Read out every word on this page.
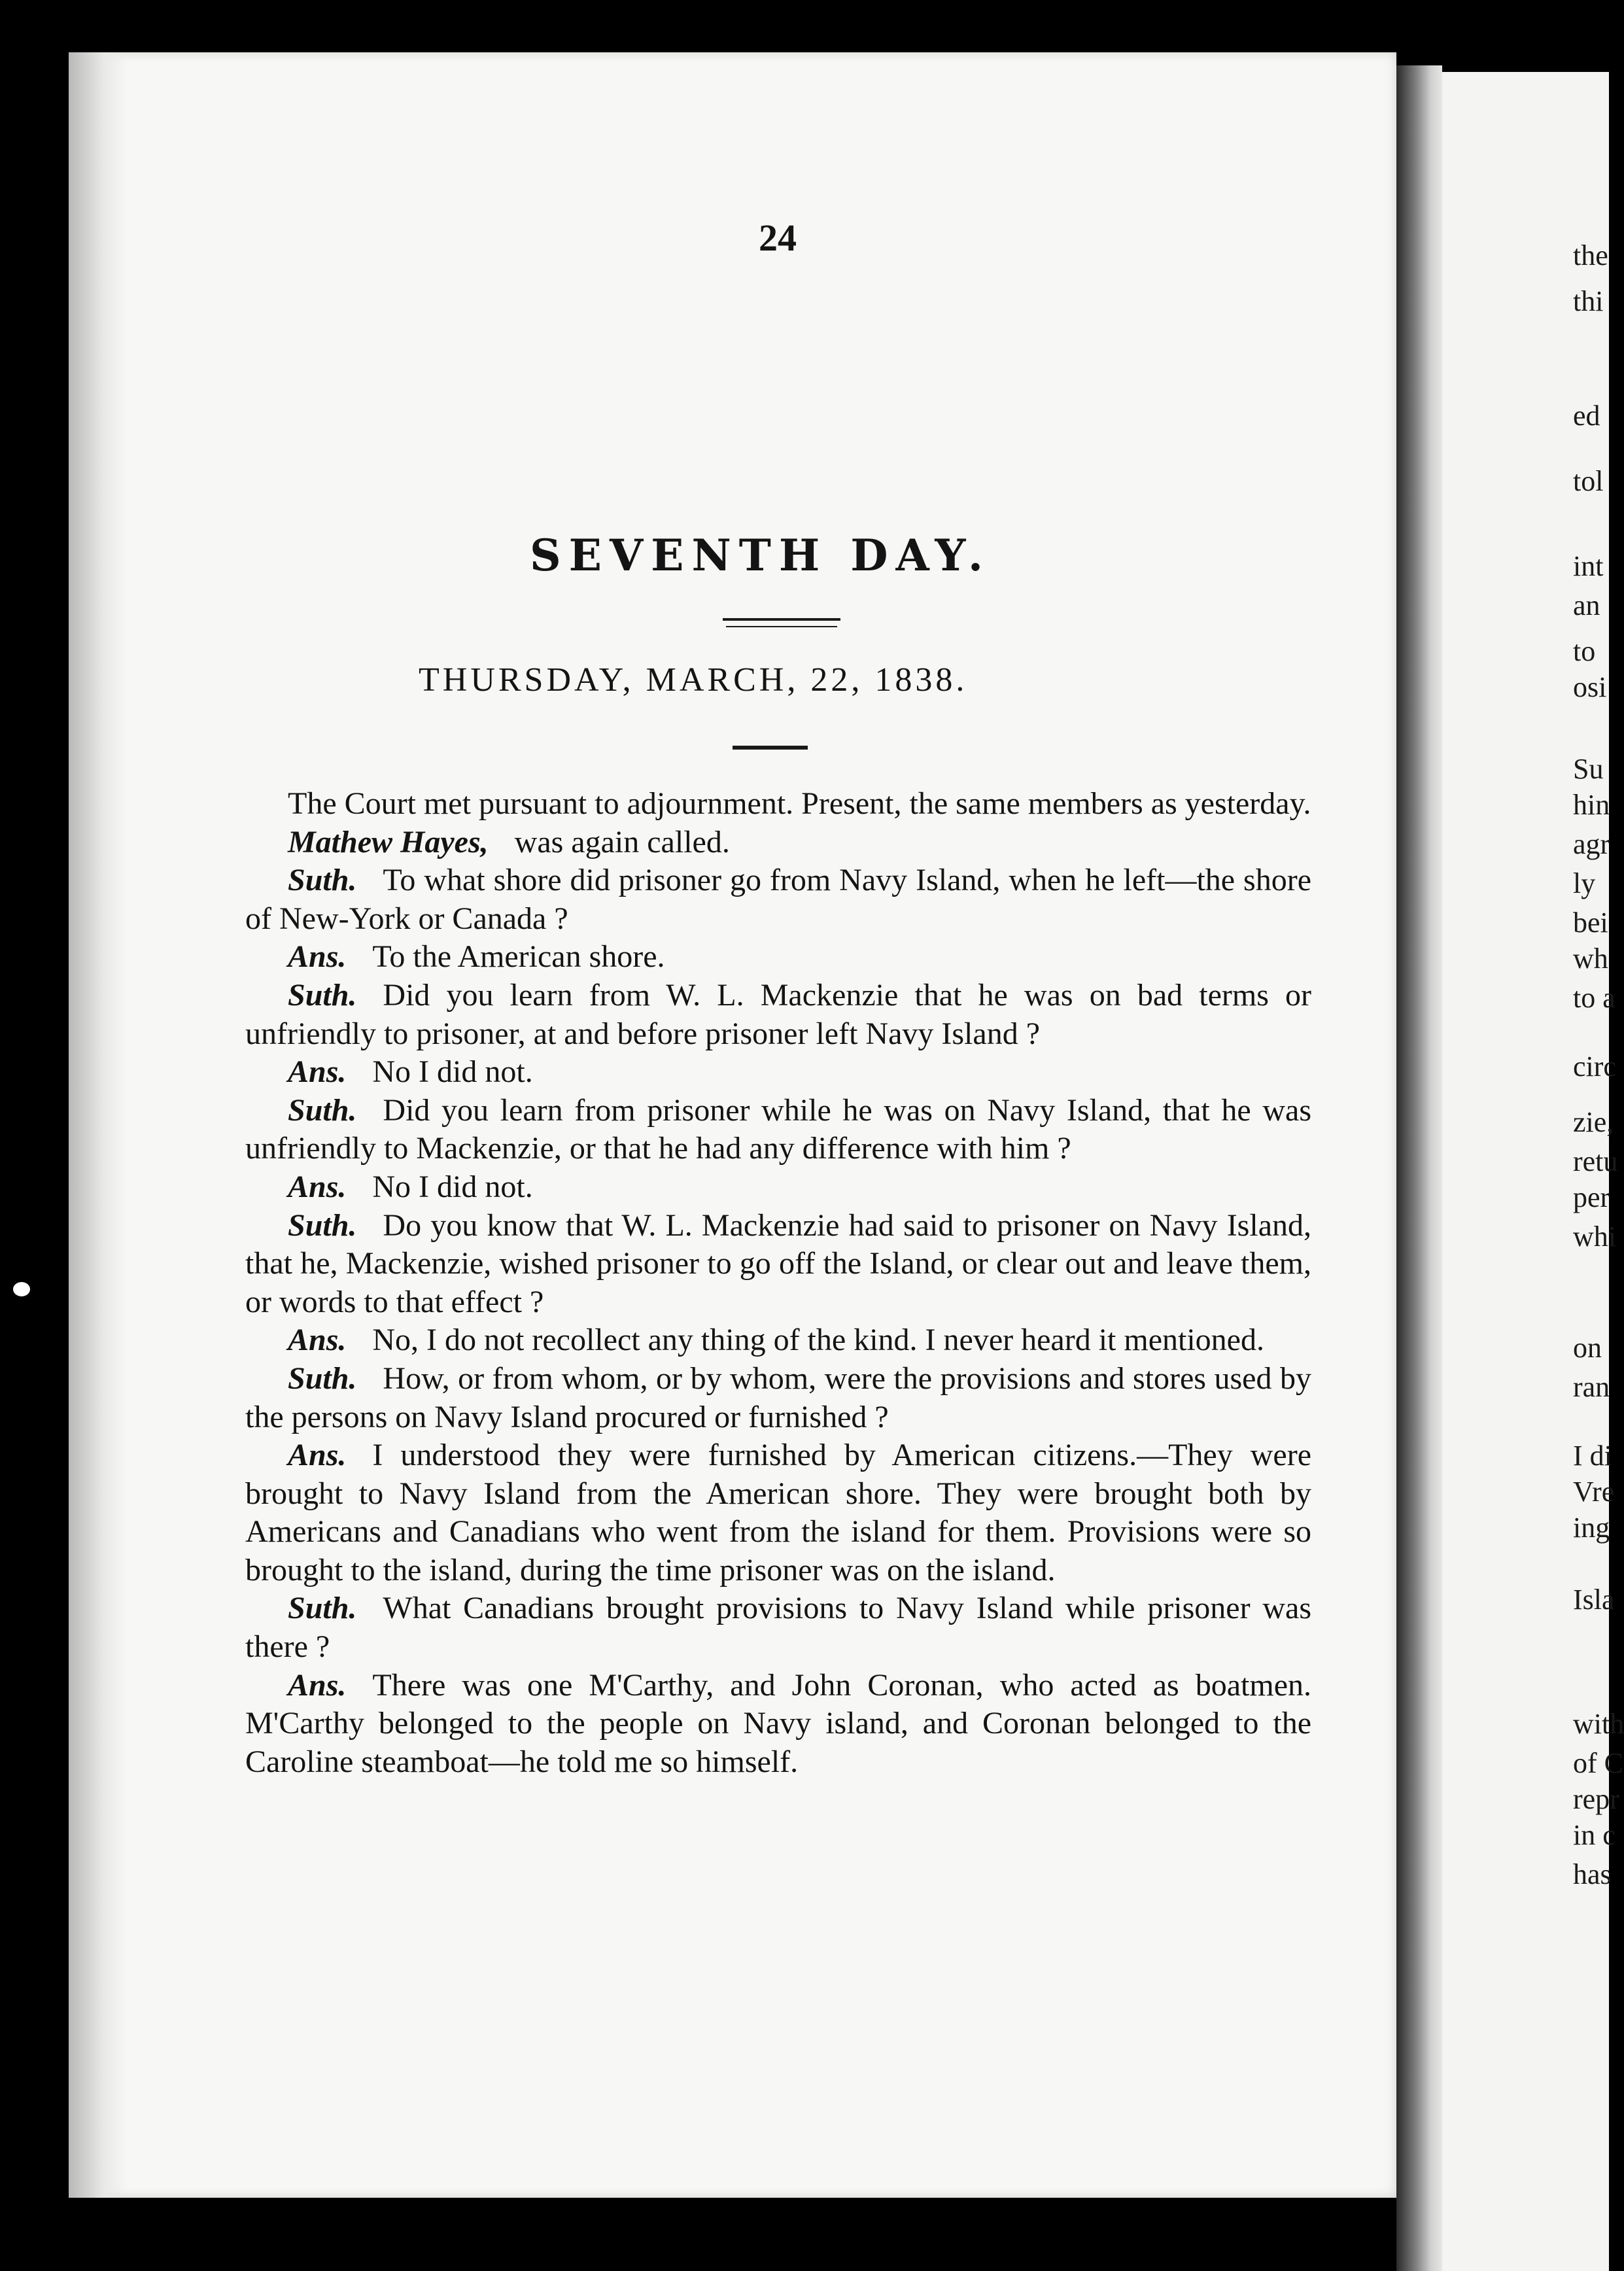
24
SEVENTH DAY.
THURSDAY, MARCH, 22, 1838.

The Court met pursuant to adjournment. Present, the same members as yesterday.

Mathew Hayes, was again called.

Suth. To what shore did prisoner go from Navy Island, when he left—the shore of New-York or Canada ?

Ans. To the American shore.

Suth. Did you learn from W. L. Mackenzie that he was on bad terms or unfriendly to prisoner, at and before prisoner left Navy Island ?

Ans. No I did not.

Suth. Did you learn from prisoner while he was on Navy Island, that he was unfriendly to Mackenzie, or that he had any difference with him ?

Ans. No I did not.

Suth. Do you know that W. L. Mackenzie had said to prisoner on Navy Island, that he, Mackenzie, wished prisoner to go off the Island, or clear out and leave them, or words to that effect ?

Ans. No, I do not recollect any thing of the kind. I never heard it mentioned.

Suth. How, or from whom, or by whom, were the provisions and stores used by the persons on Navy Island procured or furnished ?

Ans. I understood they were furnished by American citizens.—They were brought to Navy Island from the American shore. They were brought both by Americans and Canadians who went from the island for them. Provisions were so brought to the island, during the time prisoner was on the island.

Suth. What Canadians brought provisions to Navy Island while prisoner was there ?

Ans. There was one M'Carthy, and John Coronan, who acted as boatmen. M'Carthy belonged to the people on Navy island, and Coronan belonged to the Caroline steamboat—he told me so himself.

the
thi
ed
tol
int
an
to
osi
Su
hin
agr
ly
bei
wh
to a
circ
zie,
retu
per
whi
on
ran
I di
Vre
ing
Isla
with
of C
repr
in c
has
